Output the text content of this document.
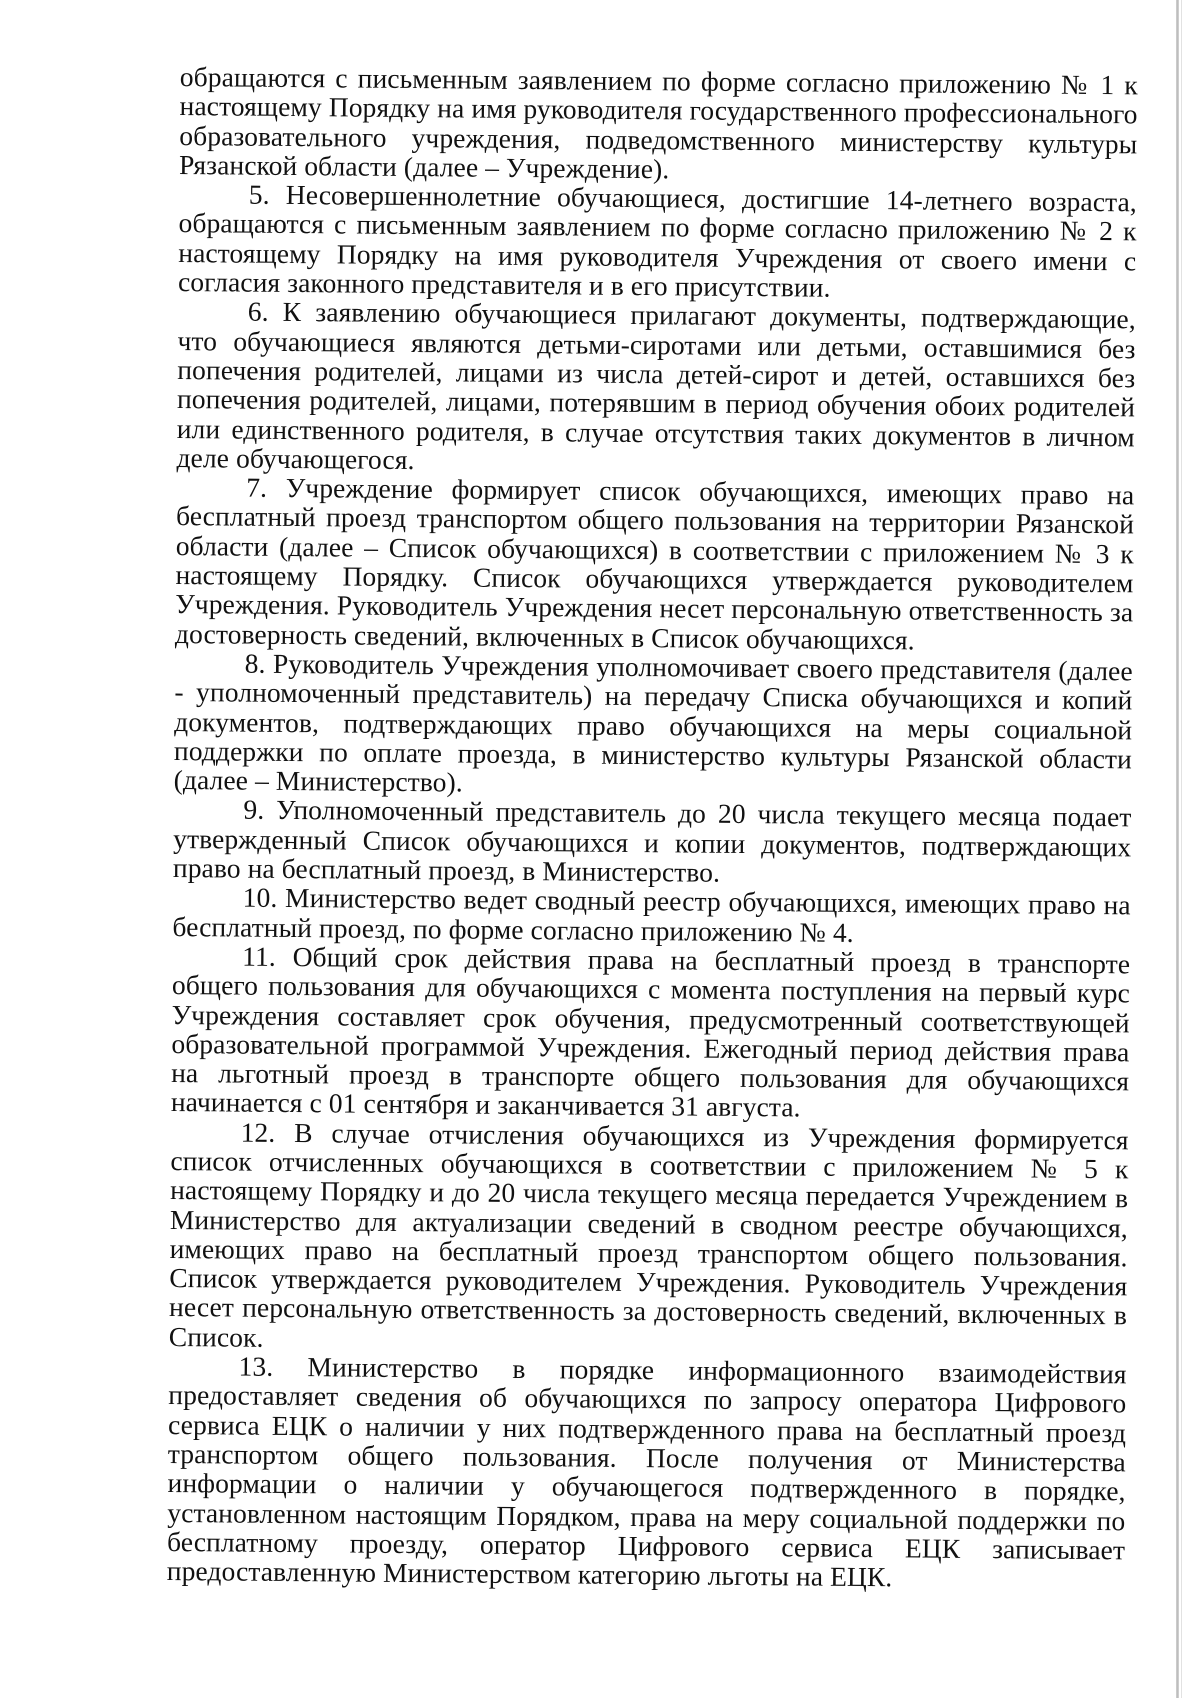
обращаются с письменным заявлением по форме согласно приложению № 1 к настоящему Порядку на имя руководителя государственного профессионального образовательного учреждения, подведомственного министерству культуры Рязанской области (далее – Учреждение).

5. Несовершеннолетние обучающиеся, достигшие 14-летнего возраста, обращаются с письменным заявлением по форме согласно приложению № 2 к настоящему Порядку на имя руководителя Учреждения от своего имени с согласия законного представителя и в его присутствии.

6. К заявлению обучающиеся прилагают документы, подтверждающие, что обучающиеся являются детьми-сиротами или детьми, оставшимися без попечения родителей, лицами из числа детей-сирот и детей, оставшихся без попечения родителей, лицами, потерявшим в период обучения обоих родителей или единственного родителя, в случае отсутствия таких документов в личном деле обучающегося.

7. Учреждение формирует список обучающихся, имеющих право на бесплатный проезд транспортом общего пользования на территории Рязанской области (далее – Список обучающихся) в соответствии с приложением № 3 к настоящему Порядку. Список обучающихся утверждается руководителем Учреждения. Руководитель Учреждения несет персональную ответственность за достоверность сведений, включенных в Список обучающихся.

8. Руководитель Учреждения уполномочивает своего представителя (далее - уполномоченный представитель) на передачу Списка обучающихся и копий документов, подтверждающих право обучающихся на меры социальной поддержки по оплате проезда, в министерство культуры Рязанской области (далее – Министерство).

9. Уполномоченный представитель до 20 числа текущего месяца подает утвержденный Список обучающихся и копии документов, подтверждающих право на бесплатный проезд, в Министерство.

10. Министерство ведет сводный реестр обучающихся, имеющих право на бесплатный проезд, по форме согласно приложению № 4.

11. Общий срок действия права на бесплатный проезд в транспорте общего пользования для обучающихся с момента поступления на первый курс Учреждения составляет срок обучения, предусмотренный соответствующей образовательной программой Учреждения. Ежегодный период действия права на льготный проезд в транспорте общего пользования для обучающихся начинается с 01 сентября и заканчивается 31 августа.

12. В случае отчисления обучающихся из Учреждения формируется список отчисленных обучающихся в соответствии с приложением № 5 к настоящему Порядку и до 20 числа текущего месяца передается Учреждением в Министерство для актуализации сведений в сводном реестре обучающихся, имеющих право на бесплатный проезд транспортом общего пользования. Список утверждается руководителем Учреждения. Руководитель Учреждения несет персональную ответственность за достоверность сведений, включенных в Список.

13. Министерство в порядке информационного взаимодействия предоставляет сведения об обучающихся по запросу оператора Цифрового сервиса ЕЦК о наличии у них подтвержденного права на бесплатный проезд транспортом общего пользования. После получения от Министерства информации о наличии у обучающегося подтвержденного в порядке, установленном настоящим Порядком, права на меру социальной поддержки по бесплатному проезду, оператор Цифрового сервиса ЕЦК записывает предоставленную Министерством категорию льготы на ЕЦК.
